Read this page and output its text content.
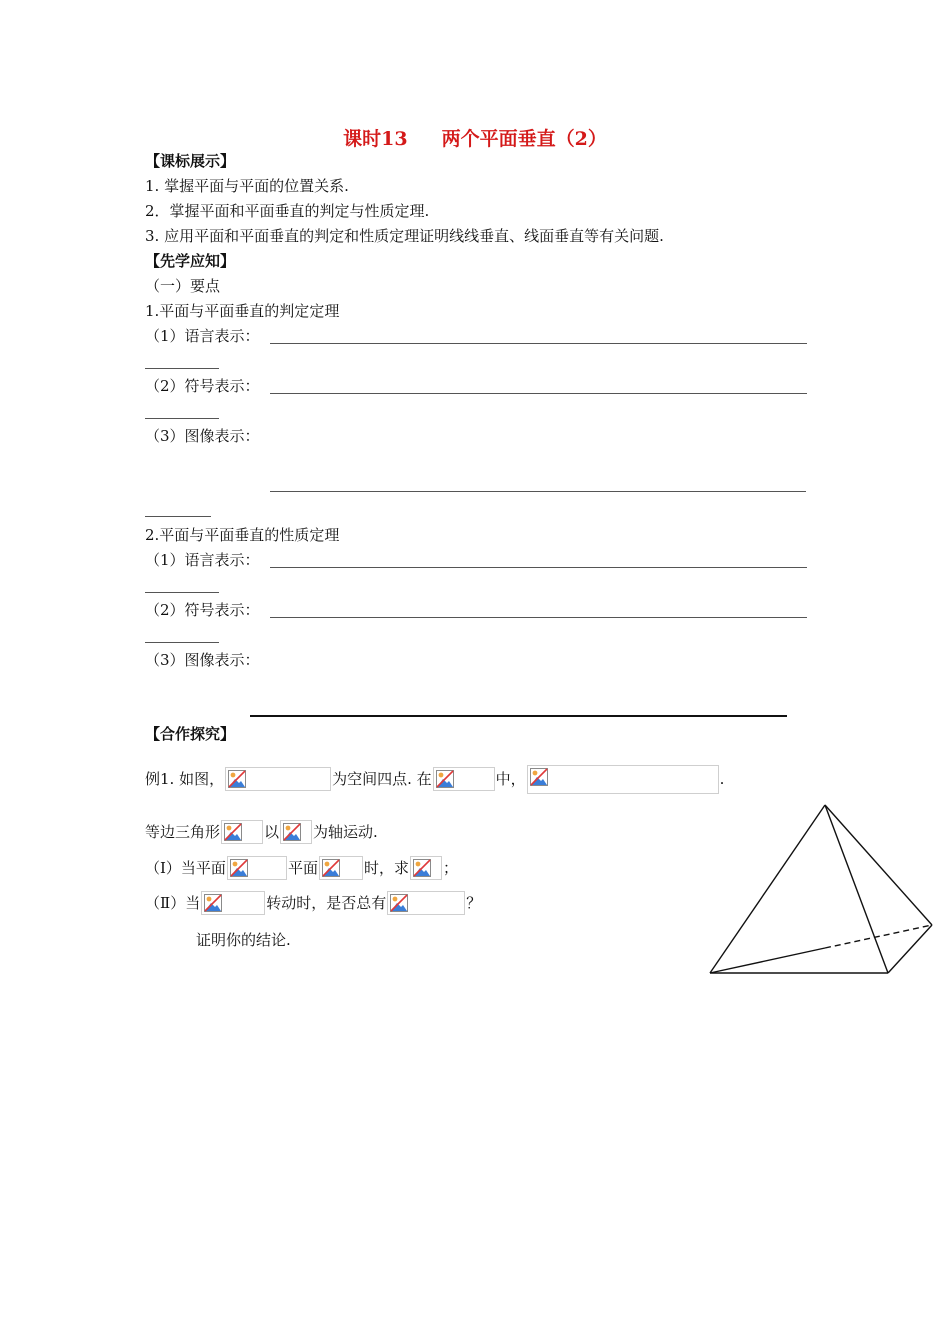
课时13 两个平面垂直（2）
【课标展示】
1. 掌握平面与平面的位置关系.
2．掌握平面和平面垂直的判定与性质定理.
3. 应用平面和平面垂直的判定和性质定理证明线线垂直、线面垂直等有关问题.
【先学应知】
（一）要点
1.平面与平面垂直的判定定理
（1）语言表示：
（2）符号表示：
（3）图像表示：
2.平面与平面垂直的性质定理
（1）语言表示：
（2）符号表示：
（3）图像表示：
【合作探究】
例1. 如图，	为空间四点. 在	中，	.
等边三角形	以 为轴运动.
（Ⅰ）当平面	平面	时，求 ；
（Ⅱ）当	转动时，是否总有	？
证明你的结论.
